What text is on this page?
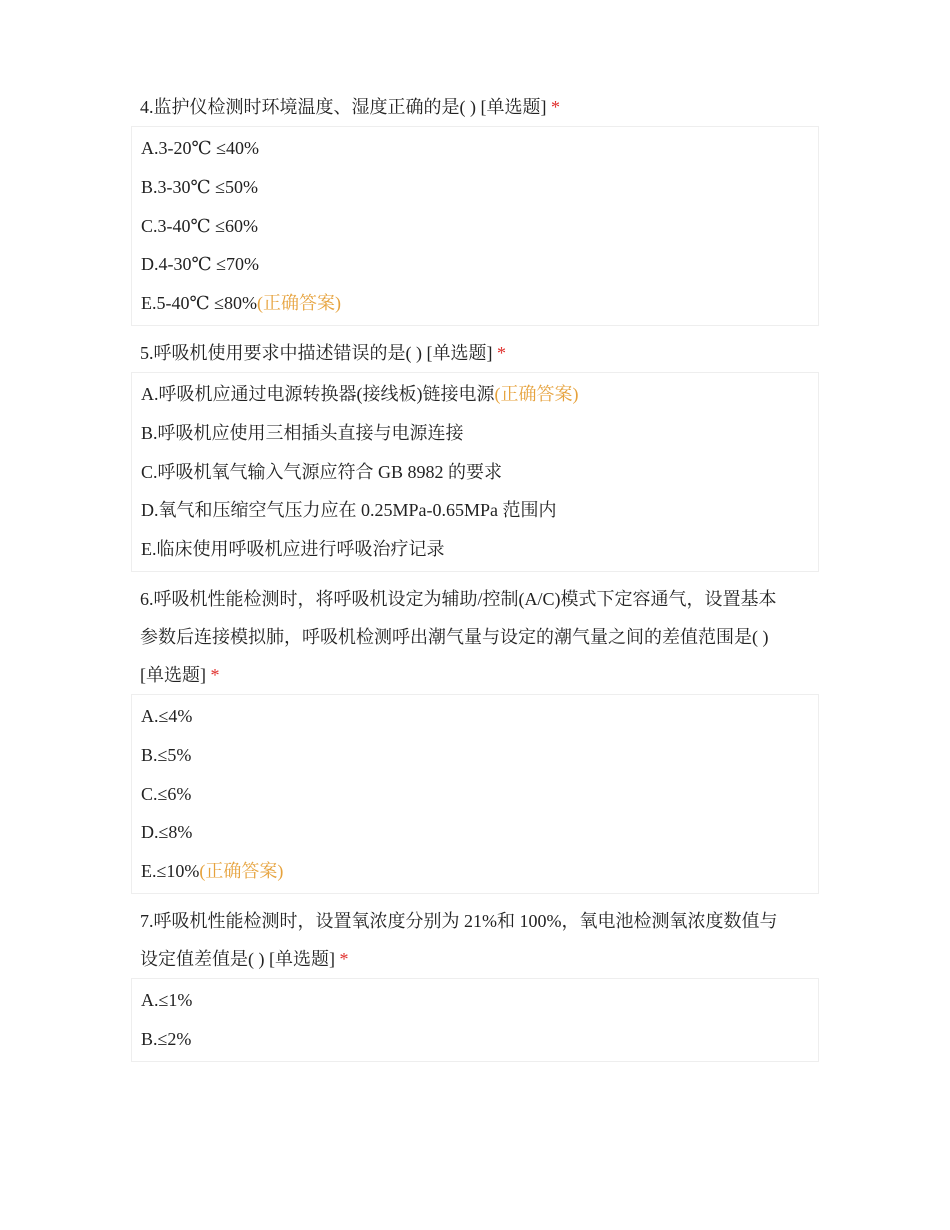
4.监护仪检测时环境温度、湿度正确的是( ) [单选题] *
A.3-20℃ ≤40%
B.3-30℃ ≤50%
C.3-40℃ ≤60%
D.4-30℃ ≤70%
E.5-40℃ ≤80%(正确答案)
5.呼吸机使用要求中描述错误的是( ) [单选题] *
A.呼吸机应通过电源转换器(接线板)链接电源(正确答案)
B.呼吸机应使用三相插头直接与电源连接
C.呼吸机氧气输入气源应符合 GB 8982 的要求
D.氧气和压缩空气压力应在 0.25MPa-0.65MPa 范围内
E.临床使用呼吸机应进行呼吸治疗记录
6.呼吸机性能检测时，将呼吸机设定为辅助/控制(A/C)模式下定容通气，设置基本
参数后连接模拟肺，呼吸机检测呼出潮气量与设定的潮气量之间的差值范围是( )
[单选题] *
A.≤4%
B.≤5%
C.≤6%
D.≤8%
E.≤10%(正确答案)
7.呼吸机性能检测时，设置氧浓度分别为 21%和 100%，氧电池检测氧浓度数值与
设定值差值是( ) [单选题] *
A.≤1%
B.≤2%
